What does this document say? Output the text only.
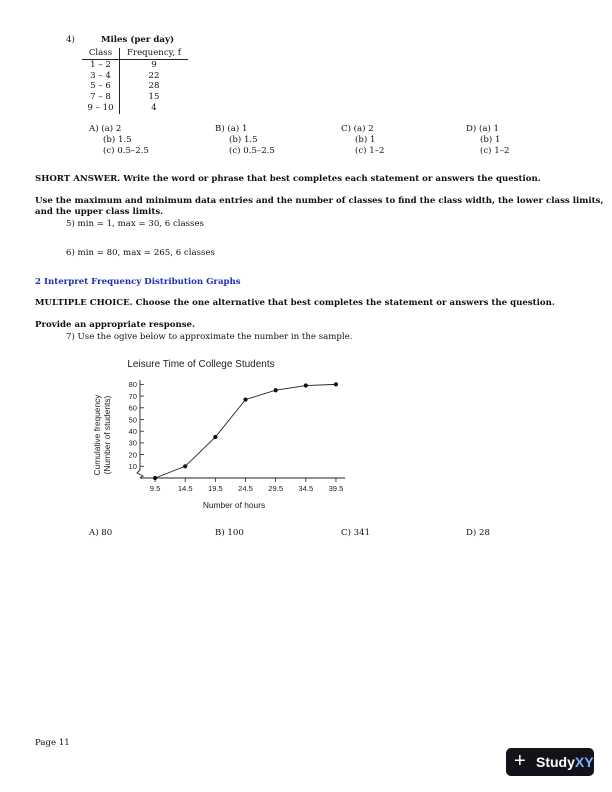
4)	Miles (per day)
Class	Frequency, f
1 – 2	9
3 – 4	22
5 – 6	28
7 – 8	15
9 – 10	4
A) (a) 2
(b) 1.5
(c) 0.5–2.5
B) (a) 1
(b) 1.5
(c) 0.5–2.5
C) (a) 2
(b) 1
(c) 1–2
D) (a) 1
(b) 1
(c) 1–2
SHORT ANSWER. Write the word or phrase that best completes each statement or answers the question.
Use the maximum and minimum data entries and the number of classes to find the class width, the lower class limits,
and the upper class limits.
5) min = 1, max = 30, 6 classes
6) min = 80, max = 265, 6 classes
2 Interpret Frequency Distribution Graphs
MULTIPLE CHOICE. Choose the one alternative that best completes the statement or answers the question.
Provide an appropriate response.
7) Use the ogive below to approximate the number in the sample.
Leisure Time of College Students
Cumulative frequency (Number of students)
Number of hours
10
20
30
40
50
60
70
80
9.5 14.5 19.5 24.5 29.5 34.5 39.5
A) 80	B) 100	C) 341	D) 28
Page 11
+ StudyXY
